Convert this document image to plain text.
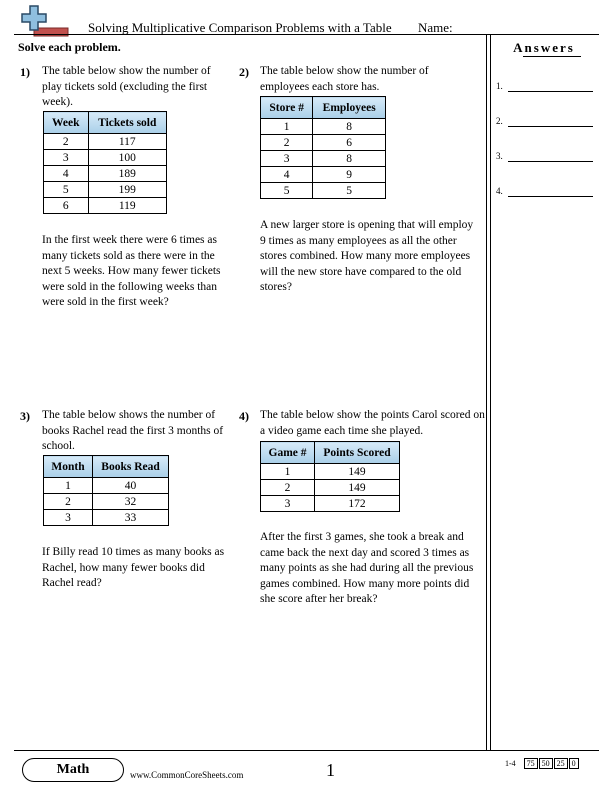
Solving Multiplicative Comparison Problems with a Table Name:
Solve each problem.	Answers
1.
2.
3.
4.
1) The table below show the number of play tickets sold (excluding the first week).
Week	Tickets sold
2	117
3	100
4	189
5	199
6	119
In the first week there were 6 times as many tickets sold as there were in the next 5 weeks. How many fewer tickets were sold in the following weeks than were sold in the first week?
2) The table below show the number of employees each store has.
Store #	Employees
1	8
2	6
3	8
4	9
5	5
A new larger store is opening that will employ 9 times as many employees as all the other stores combined. How many more employees will the new store have compared to the old stores?
3) The table below shows the number of books Rachel read the first 3 months of school.
Month	Books Read
1	40
2	32
3	33
If Billy read 10 times as many books as Rachel, how many fewer books did Rachel read?
4) The table below show the points Carol scored on a video game each time she played.
Game #	Points Scored
1	149
2	149
3	172
After the first 3 games, she took a break and came back the next day and scored 3 times as many points as she had during all the previous games combined. How many more points did she score after her break?
Math	www.CommonCoreSheets.com	1	1-4 75 50 25 0
